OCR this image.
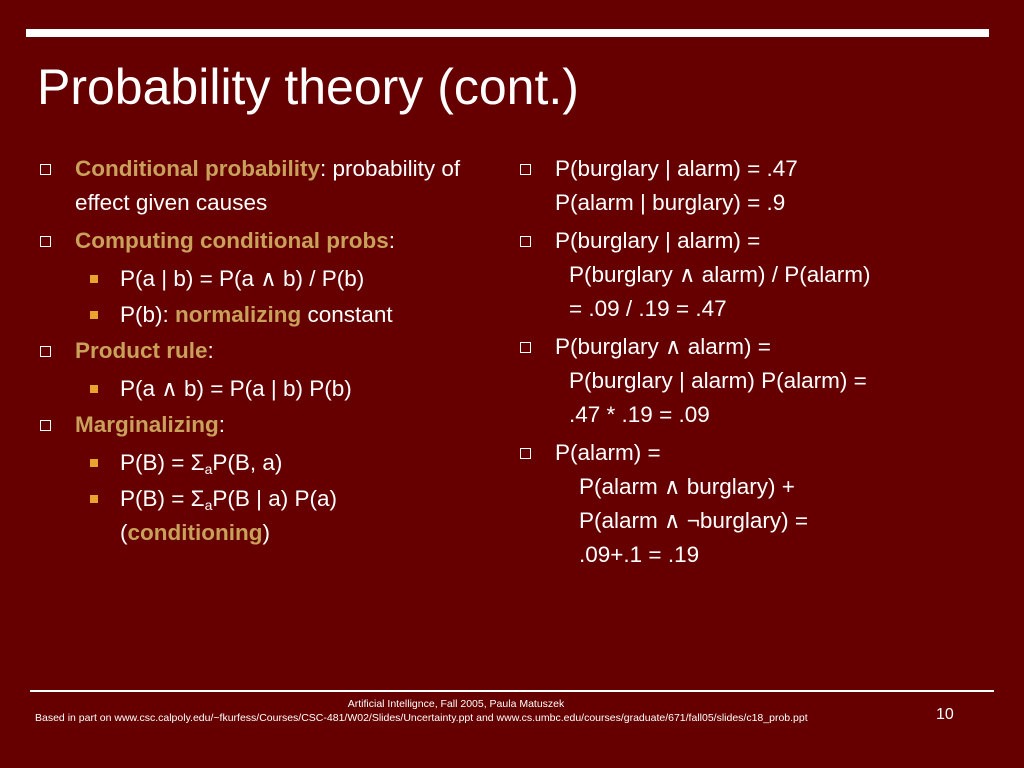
Probability theory (cont.)
Conditional probability: probability of effect given causes
Computing conditional probs:
P(a | b) = P(a ∧ b) / P(b)
P(b): normalizing constant
Product rule:
P(a ∧ b) = P(a | b) P(b)
Marginalizing:
$P(B) = \Sigma_aP(B$, a)
$P(B) = \Sigma_aP(B$ | a) P(a)
(conditioning)
P(burglary | alarm) = .47
P(alarm | burglary) = .9
P(burglary | alarm) =
P(burglary ∧ alarm) / P(alarm)
= .09 / .19 = .47
P(burglary ∧ alarm) =
P(burglary | alarm) P(alarm) =
.47 * .19 = .09
P(alarm) =
P(alarm ∧ burglary) +
P(alarm ∧ ¬burglary) =
.09+.1 = .19
Artificial Intellignce, Fall 2005, Paula Matuszek
Based in part on www.csc.calpoly.edu/~fkurfess/Courses/CSC-481/W02/Slides/Uncertainty.ppt and www.cs.umbc.edu/courses/graduate/671/fall05/slides/c18_prob.ppt	10
